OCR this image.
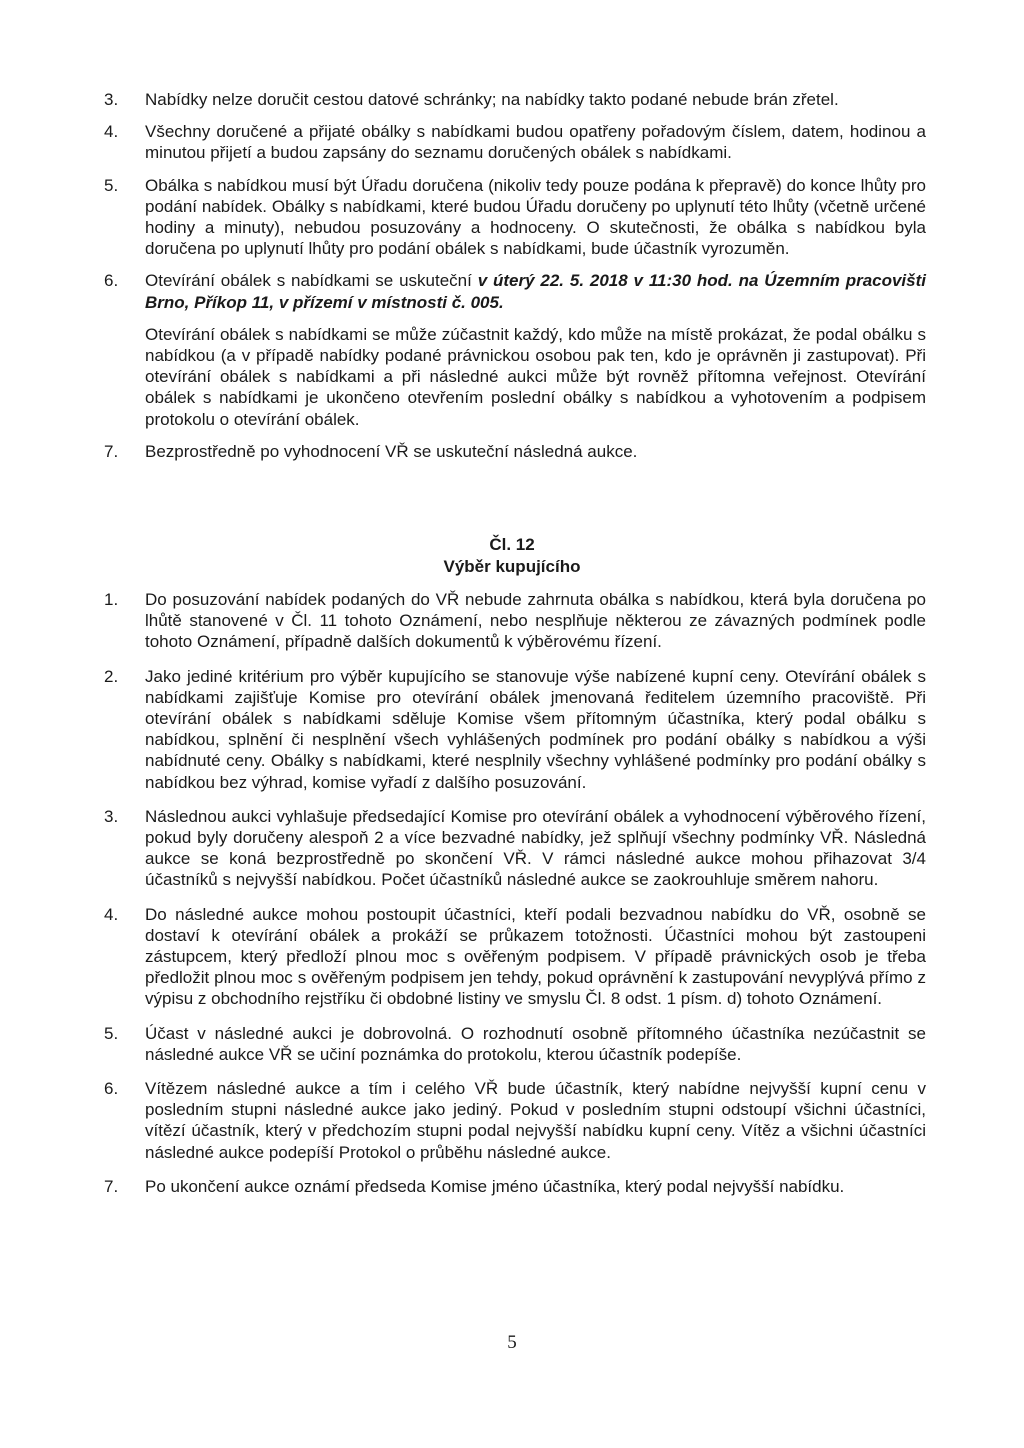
3.	Nabídky nelze doručit cestou datové schránky; na nabídky takto podané nebude brán zřetel.

4.	Všechny doručené a přijaté obálky s nabídkami budou opatřeny pořadovým číslem, datem, hodinou a minutou přijetí a budou zapsány do seznamu doručených obálek s nabídkami.

5.	Obálka s nabídkou musí být Úřadu doručena (nikoliv tedy pouze podána k přepravě) do konce lhůty pro podání nabídek. Obálky s nabídkami, které budou Úřadu doručeny po uplynutí této lhůty (včetně určené hodiny a minuty), nebudou posuzovány a hodnoceny. O skutečnosti, že obálka s nabídkou byla doručena po uplynutí lhůty pro podání obálek s nabídkami, bude účastník vyrozuměn.

6.	Otevírání obálek s nabídkami se uskuteční v úterý 22. 5. 2018 v 11:30 hod. na Územním pracovišti Brno, Příkop 11, v přízemí v místnosti č. 005.

Otevírání obálek s nabídkami se může zúčastnit každý, kdo může na místě prokázat, že podal obálku s nabídkou (a v případě nabídky podané právnickou osobou pak ten, kdo je oprávněn ji zastupovat). Při otevírání obálek s nabídkami a při následné aukci může být rovněž přítomna veřejnost. Otevírání obálek s nabídkami je ukončeno otevřením poslední obálky s nabídkou a vyhotovením a podpisem protokolu o otevírání obálek.

7.	Bezprostředně po vyhodnocení VŘ se uskuteční následná aukce.

Čl. 12
Výběr kupujícího
1.	Do posuzování nabídek podaných do VŘ nebude zahrnuta obálka s nabídkou, která byla doručena po lhůtě stanovené v Čl. 11 tohoto Oznámení, nebo nesplňuje některou ze závazných podmínek podle tohoto Oznámení, případně dalších dokumentů k výběrovému řízení.

2.	Jako jediné kritérium pro výběr kupujícího se stanovuje výše nabízené kupní ceny. Otevírání obálek s nabídkami zajišťuje Komise pro otevírání obálek jmenovaná ředitelem územního pracoviště. Při otevírání obálek s nabídkami sděluje Komise všem přítomným účastníka, který podal obálku s nabídkou, splnění či nesplnění všech vyhlášených podmínek pro podání obálky s nabídkou a výši nabídnuté ceny. Obálky s nabídkami, které nesplnily všechny vyhlášené podmínky pro podání obálky s nabídkou bez výhrad, komise vyřadí z dalšího posuzování.

3.	Následnou aukci vyhlašuje předsedající Komise pro otevírání obálek a vyhodnocení výběrového řízení, pokud byly doručeny alespoň 2 a více bezvadné nabídky, jež splňují všechny podmínky VŘ. Následná aukce se koná bezprostředně po skončení VŘ. V rámci následné aukce mohou přihazovat 3/4 účastníků s nejvyšší nabídkou. Počet účastníků následné aukce se zaokrouhluje směrem nahoru.

4.	Do následné aukce mohou postoupit účastníci, kteří podali bezvadnou nabídku do VŘ, osobně se dostaví k otevírání obálek a prokáží se průkazem totožnosti. Účastníci mohou být zastoupeni zástupcem, který předloží plnou moc s ověřeným podpisem. V případě právnických osob je třeba předložit plnou moc s ověřeným podpisem jen tehdy, pokud oprávnění k zastupování nevyplývá přímo z výpisu z obchodního rejstříku či obdobné listiny ve smyslu Čl. 8 odst. 1 písm. d) tohoto Oznámení.

5.	Účast v následné aukci je dobrovolná. O rozhodnutí osobně přítomného účastníka nezúčastnit se následné aukce VŘ se učiní poznámka do protokolu, kterou účastník podepíše.

6.	Vítězem následné aukce a tím i celého VŘ bude účastník, který nabídne nejvyšší kupní cenu v posledním stupni následné aukce jako jediný. Pokud v posledním stupni odstoupí všichni účastníci, vítězí účastník, který v předchozím stupni podal nejvyšší nabídku kupní ceny. Vítěz a všichni účastníci následné aukce podepíší Protokol o průběhu následné aukce.

7.	Po ukončení aukce oznámí předseda Komise jméno účastníka, který podal nejvyšší nabídku.

5
